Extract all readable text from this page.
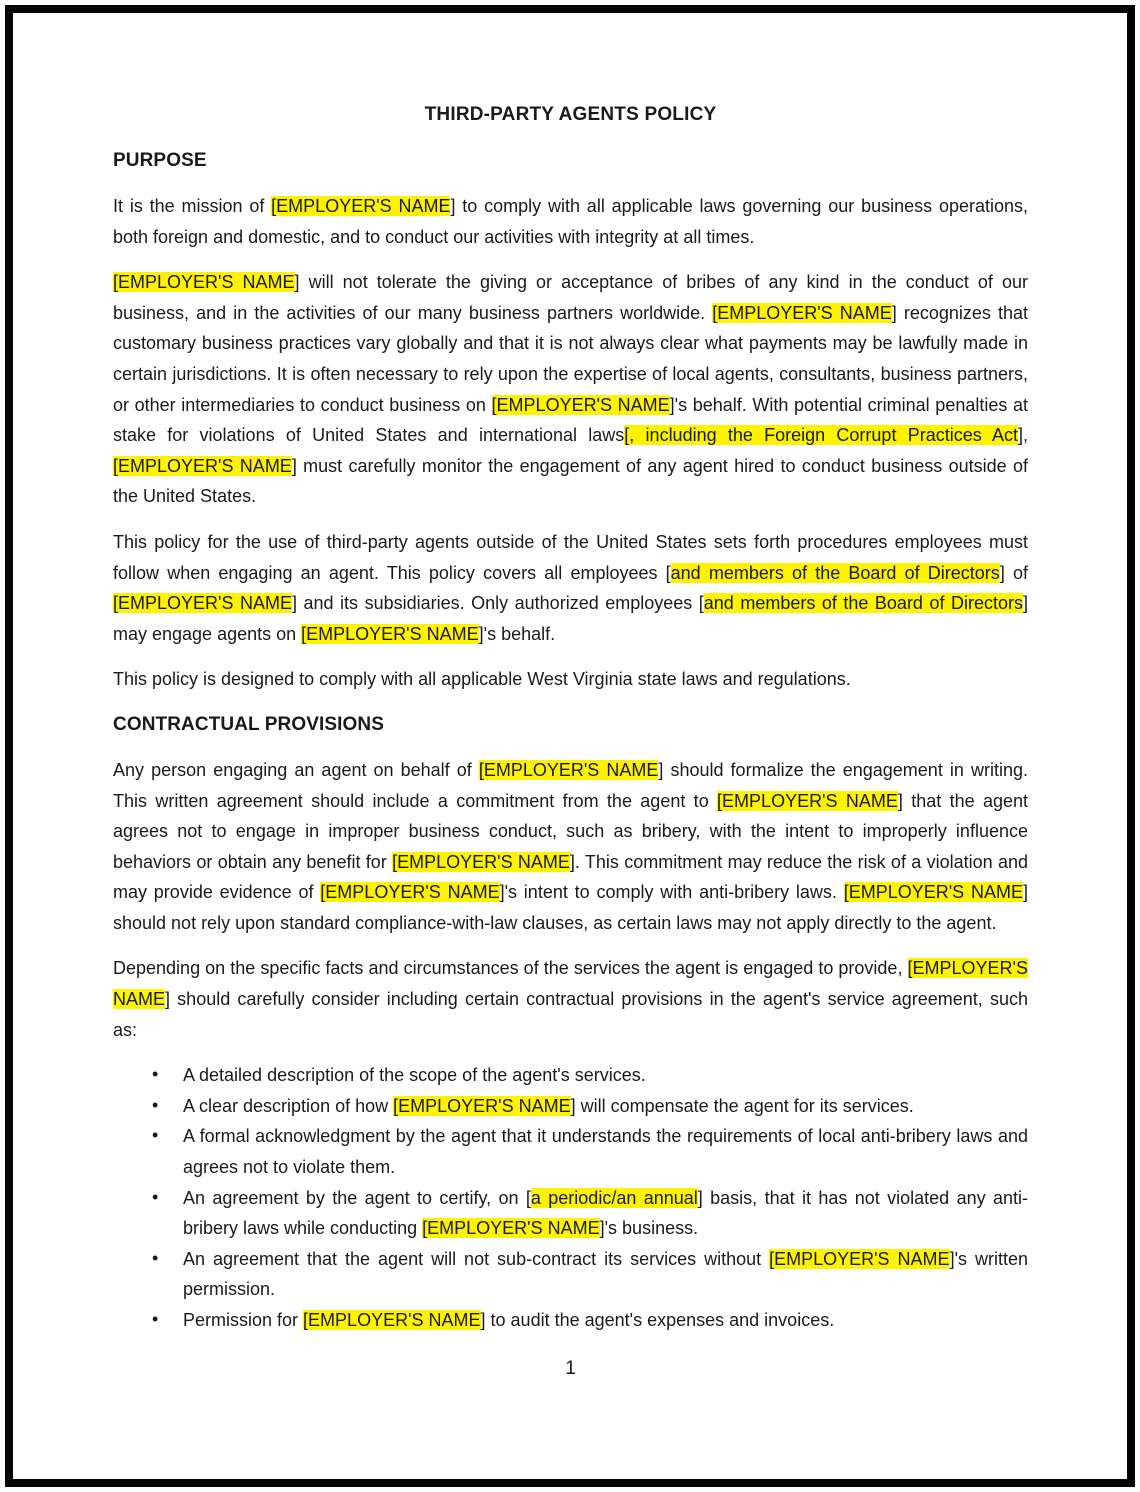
THIRD-PARTY AGENTS POLICY
PURPOSE

It is the mission of [EMPLOYER'S NAME] to comply with all applicable laws governing our business operations, both foreign and domestic, and to conduct our activities with integrity at all times.

[EMPLOYER'S NAME] will not tolerate the giving or acceptance of bribes of any kind in the conduct of our business, and in the activities of our many business partners worldwide. [EMPLOYER'S NAME] recognizes that customary business practices vary globally and that it is not always clear what payments may be lawfully made in certain jurisdictions. It is often necessary to rely upon the expertise of local agents, consultants, business partners, or other intermediaries to conduct business on [EMPLOYER'S NAME]'s behalf. With potential criminal penalties at stake for violations of United States and international laws[, including the Foreign Corrupt Practices Act], [EMPLOYER'S NAME] must carefully monitor the engagement of any agent hired to conduct business outside of the United States.

This policy for the use of third-party agents outside of the United States sets forth procedures employees must follow when engaging an agent. This policy covers all employees [and members of the Board of Directors] of [EMPLOYER'S NAME] and its subsidiaries. Only authorized employees [and members of the Board of Directors] may engage agents on [EMPLOYER'S NAME]'s behalf.

This policy is designed to comply with all applicable West Virginia state laws and regulations.

CONTRACTUAL PROVISIONS

Any person engaging an agent on behalf of [EMPLOYER'S NAME] should formalize the engagement in writing. This written agreement should include a commitment from the agent to [EMPLOYER'S NAME] that the agent agrees not to engage in improper business conduct, such as bribery, with the intent to improperly influence behaviors or obtain any benefit for [EMPLOYER'S NAME]. This commitment may reduce the risk of a violation and may provide evidence of [EMPLOYER'S NAME]'s intent to comply with anti-bribery laws. [EMPLOYER'S NAME] should not rely upon standard compliance-with-law clauses, as certain laws may not apply directly to the agent.

Depending on the specific facts and circumstances of the services the agent is engaged to provide, [EMPLOYER'S NAME] should carefully consider including certain contractual provisions in the agent's service agreement, such as:

• A detailed description of the scope of the agent's services.
• A clear description of how [EMPLOYER'S NAME] will compensate the agent for its services.
• A formal acknowledgment by the agent that it understands the requirements of local anti-bribery laws and agrees not to violate them.
• An agreement by the agent to certify, on [a periodic/an annual] basis, that it has not violated any anti-bribery laws while conducting [EMPLOYER'S NAME]'s business.
• An agreement that the agent will not sub-contract its services without [EMPLOYER'S NAME]'s written permission.
• Permission for [EMPLOYER'S NAME] to audit the agent's expenses and invoices.
1
